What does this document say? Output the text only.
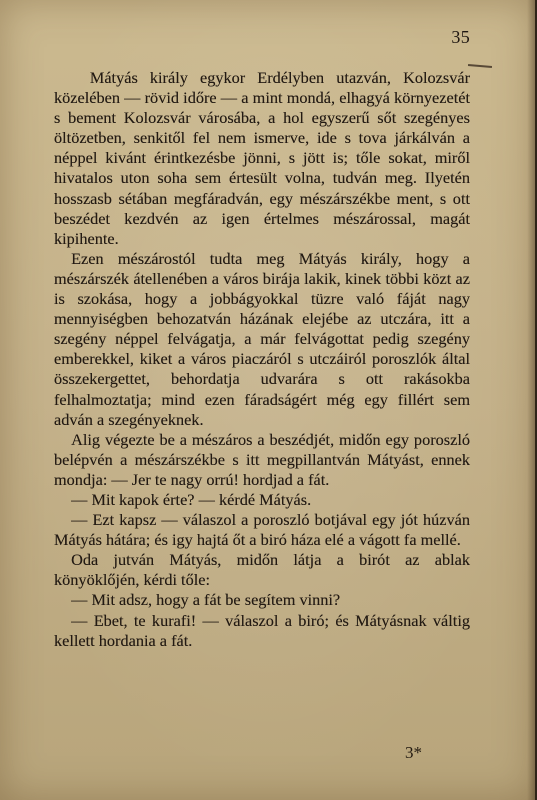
35

Mátyás király egykor Erdélyben utazván, Kolozsvár közelében — rövid időre — a mint mondá, elhagyá környezetét s bement Kolozsvár városába, a hol egyszerű sőt szegényes öltözetben, senkitől fel nem ismerve, ide s tova járkálván a néppel kivánt érintkezésbe jönni, s jött is; tőle sokat, miről hivatalos uton soha sem értesült volna, tudván meg. Ilyetén hosszasb sétában megfáradván, egy mészárszékbe ment, s ott beszédet kezdvén az igen értelmes mészárossal, magát kipihente.

Ezen mészárostól tudta meg Mátyás király, hogy a mészárszék átellenében a város birája lakik, kinek többi közt az is szokása, hogy a jobbágyokkal tüzre való fáját nagy mennyiségben behozatván házának elejébe az utczára, itt a szegény néppel felvágatja, a már felvágottat pedig szegény emberekkel, kiket a város piaczáról s utczáiról poroszlók által összekergettet, behordatja udvarára s ott rakásokba felhalmoztatja; mind ezen fáradságért még egy fillért sem adván a szegényeknek.

Alig végezte be a mészáros a beszédjét, midőn egy poroszló belépvén a mészárszékbe s itt megpillantván Mátyást, ennek mondja: — Jer te nagy orrú! hordjad a fát.

— Mit kapok érte? — kérdé Mátyás.

— Ezt kapsz — válaszol a poroszló botjával egy jót húzván Mátyás hátára; és igy hajtá őt a biró háza elé a vágott fa mellé.

Oda jutván Mátyás, midőn látja a birót az ablak könyöklőjén, kérdi tőle:

— Mit adsz, hogy a fát be segítem vinni?

— Ebet, te kurafi! — válaszol a biró; és Mátyásnak váltig kellett hordania a fát.

3*
